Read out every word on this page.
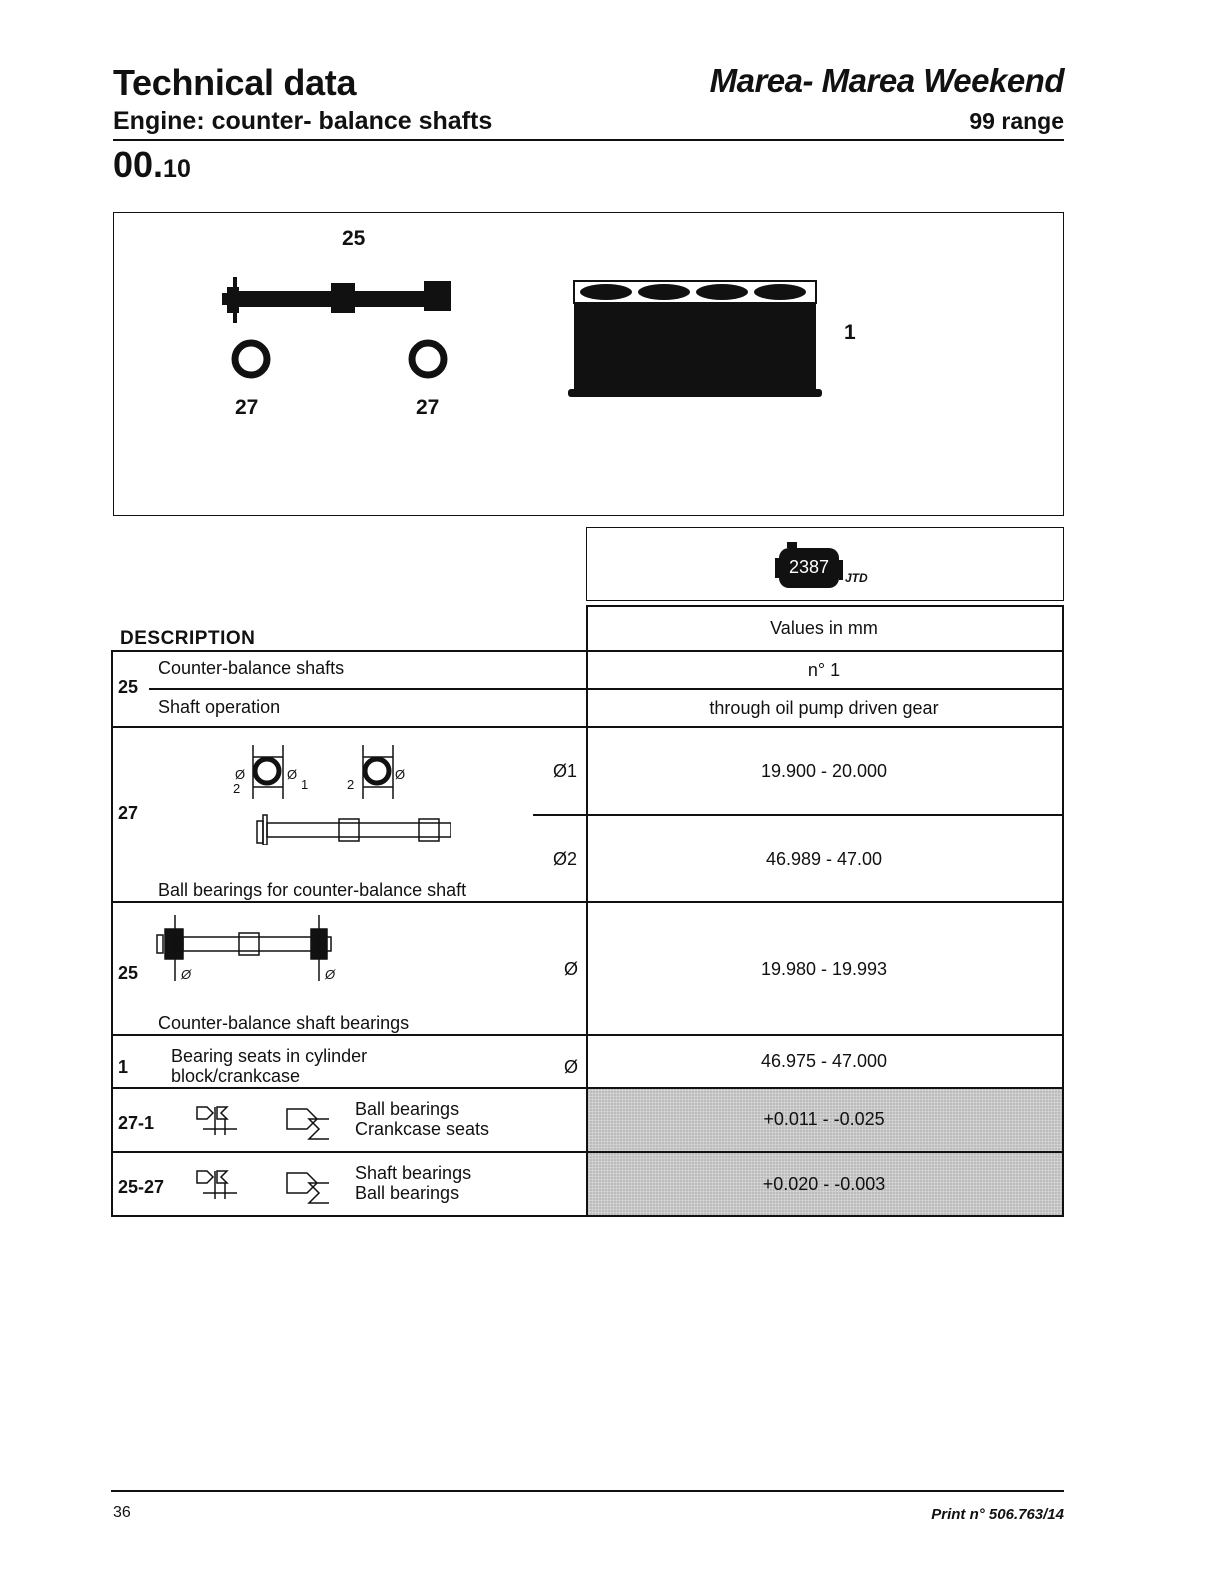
Technical data	Marea- Marea Weekend
Engine: counter- balance shafts	99 range
00.10
25
27	27
1
2387
JTD
DESCRIPTION	Values in mm
25
Counter-balance shafts	n° 1
Shaft operation	through oil pump driven gear
27
Ø
2
Ø
1	2
Ø	Ø1	19.900 - 20.000
Ø2	46.989 - 47.00
Ball bearings for counter-balance shaft
25	Ø	Ø	Ø	19.980 - 19.993
Counter-balance shaft bearings
1
Bearing seats in cylinder
block/crankcase	Ø	46.975 - 47.000
27-1
Ball bearings
Crankcase seats	+0.011 - -0.025
25-27
Shaft bearings
Ball bearings	+0.020 - -0.003
36	Print n° 506.763/14
